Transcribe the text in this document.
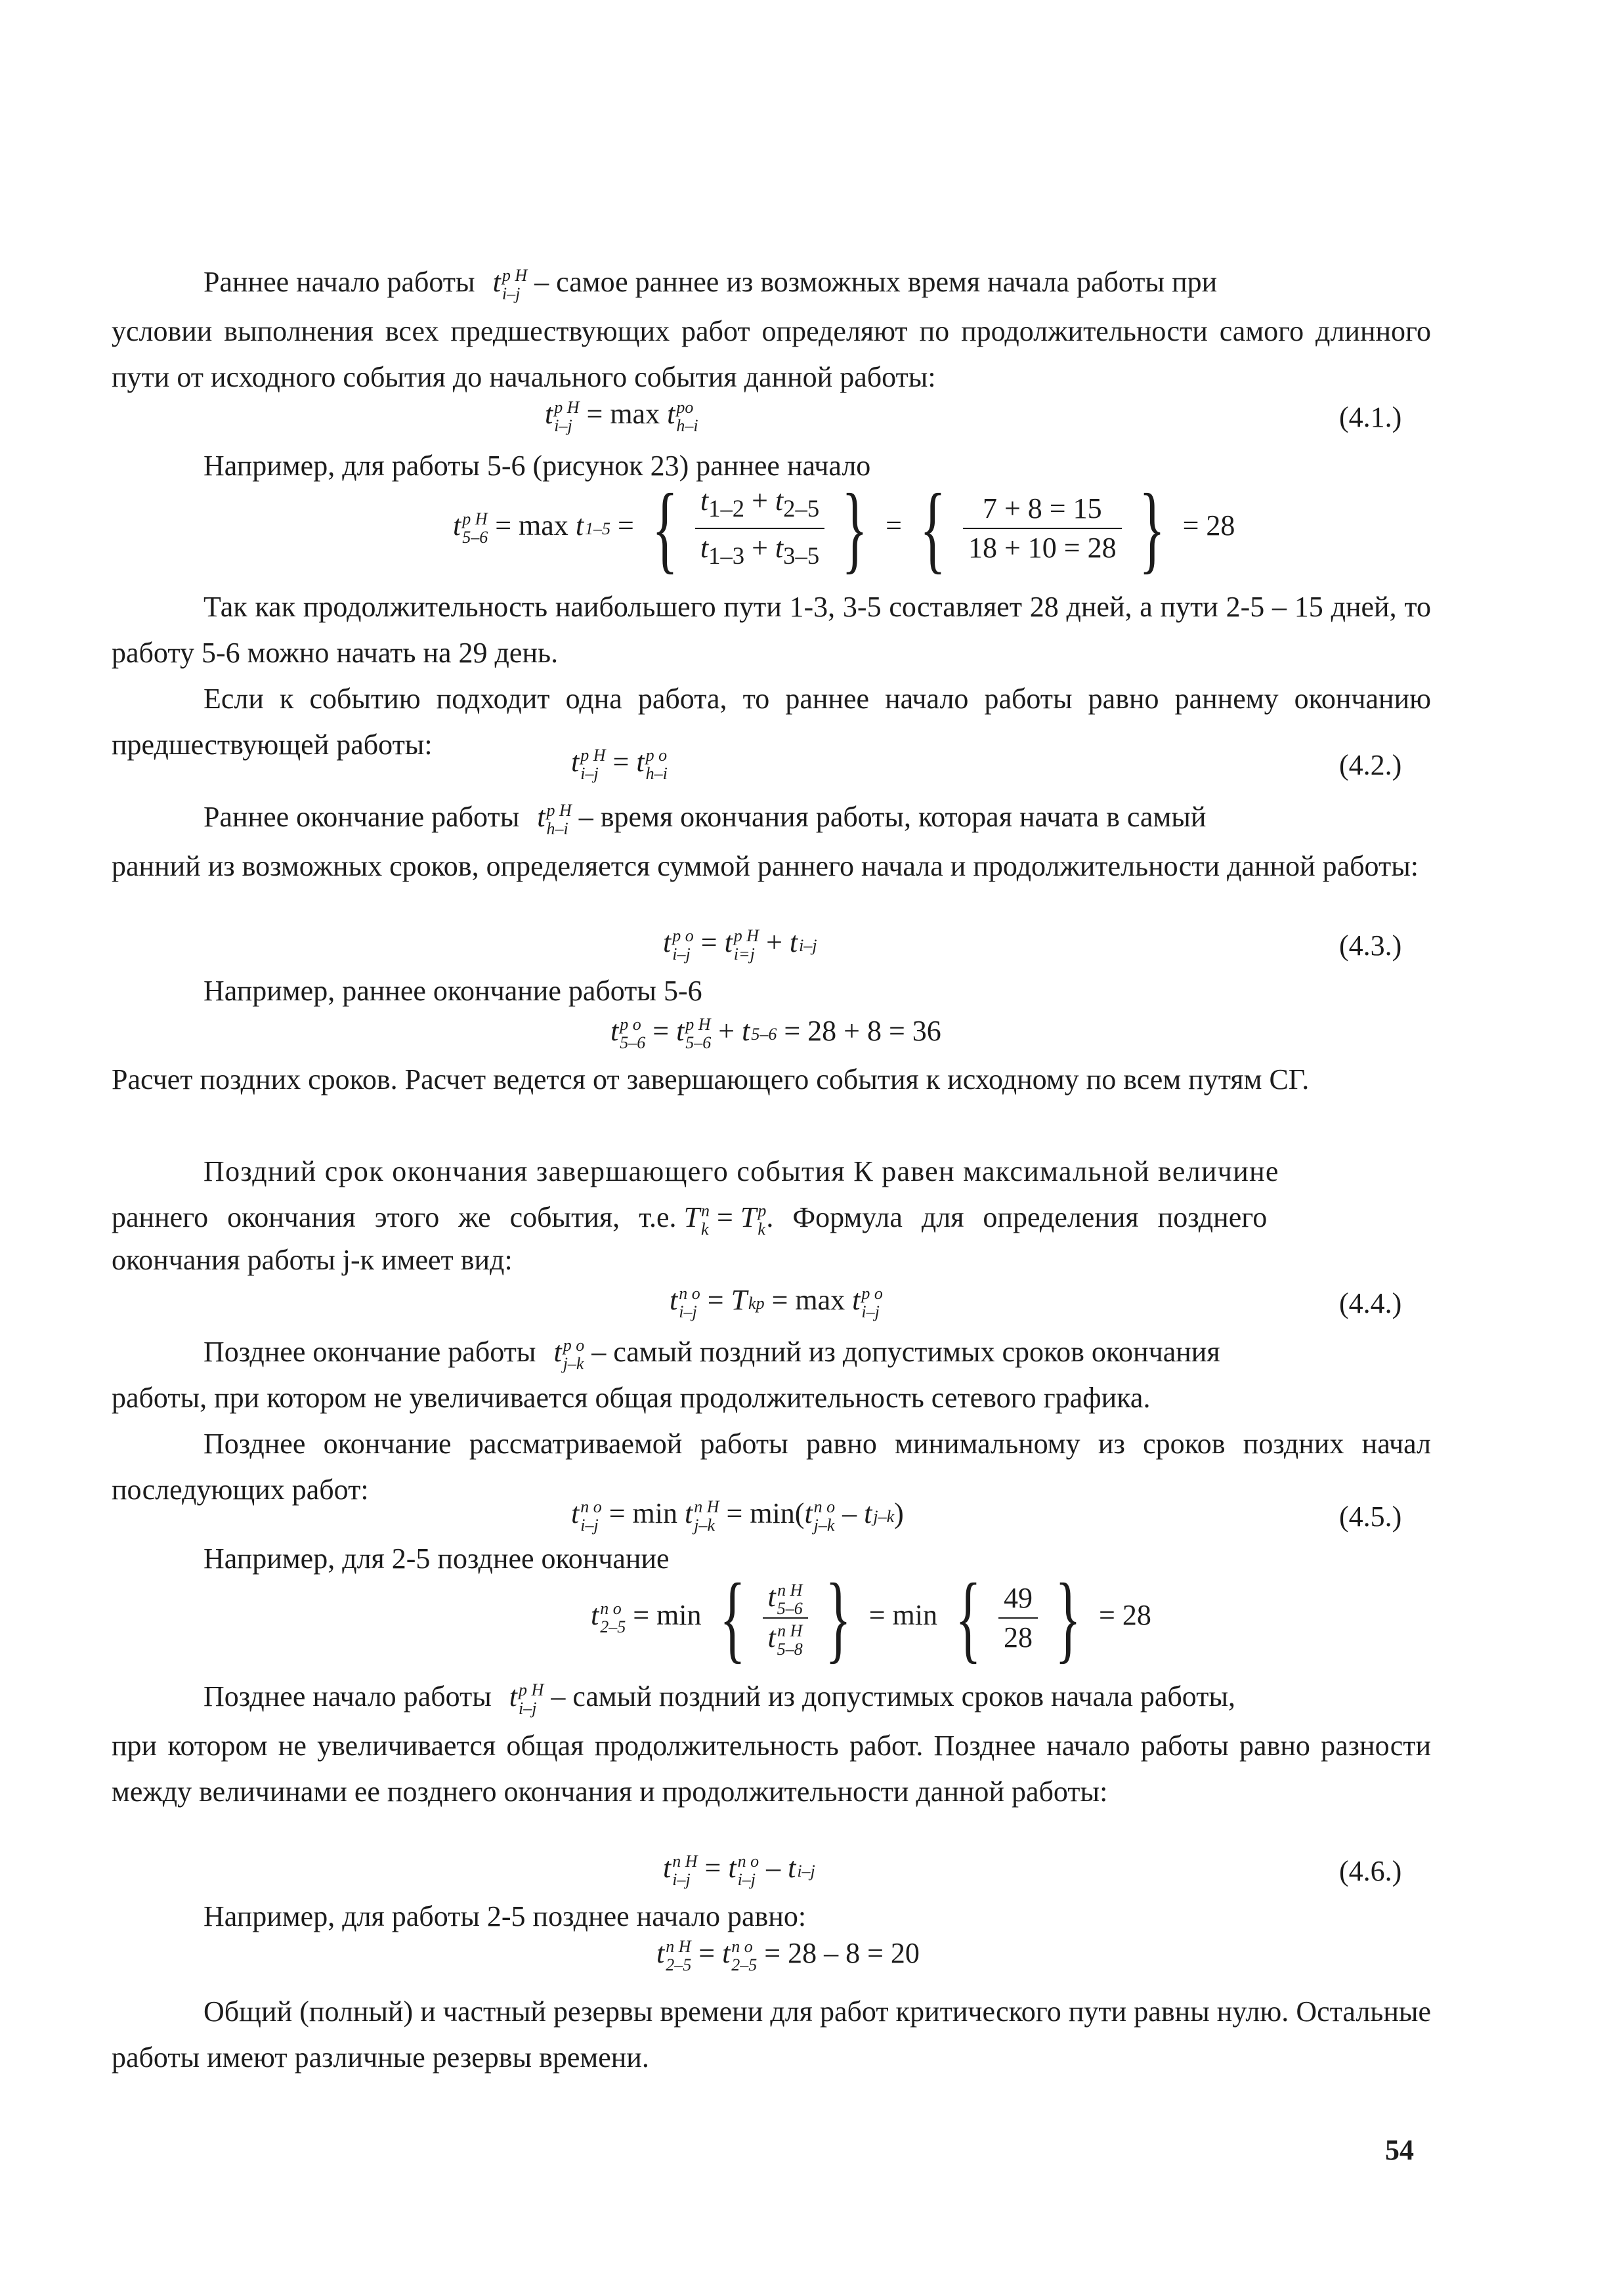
Раннее начало работы t p H
i–j – самое раннее из возможных время начала работы при
условии выполнения всех предшествующих работ определяют по продолжительности самого длинного пути от исходного события до начального события данной работы:
t p H
i–j = max t po
h–i	(4.1.)
Например, для работы 5-6 (рисунок 23) раннее начало
t p H
5–6 = max t 1–5 = { $\frac{t_{1-2} + t_{2-5}}{t_{1-3} + t_{3-5}}$ } = { $\frac{7 + 8 = 15}{18 + 10 = 28}$ } = 28
Так как продолжительность наибольшего пути 1-3, 3-5 составляет 28 дней, а пути 2-5 – 15 дней, то работу 5-6 можно начать на 29 день.
Если к событию подходит одна работа, то раннее начало работы равно раннему окончанию предшествующей работы:
t p H
i–j = t p o
h–i	(4.2.)
Раннее окончание работы t p H
h–i – время окончания работы, которая начата в самый
ранний из возможных сроков, определяется суммой раннего начала и продолжительности данной работы:
t p o
i–j = t p H
i=j + t i–j	(4.3.)
Например, раннее окончание работы 5-6
t p o
5–6 = t p H
5–6 + t 5–6 = 28 + 8 = 36
Расчет поздних сроков. Расчет ведется от завершающего события к исходному по всем путям СГ.
Поздний срок окончания завершающего события К равен максимальной величине
раннего окончания этого же события, т.е. T n
k = T p
k . Формула для определения позднего
окончания работы j-к имеет вид:
t n o
i–j = T kp = max t p o
i–j	(4.4.)
Позднее окончание работы t p o
j–k – самый поздний из допустимых сроков окончания
работы, при котором не увеличивается общая продолжительность сетевого графика.
Позднее окончание рассматриваемой работы равно минимальному из сроков поздних начал последующих работ:
t n o
i–j = min t n H
j–k = min(t n o
j–k – t j–k )	(4.5.)
Например, для 2-5 позднее окончание
t n o
2–5 = min { t n H
5–6
t n H
5–8 } = min { $\frac{49}{28}$ } = 28
Позднее начало работы t p H
i–j – самый поздний из допустимых сроков начала работы,
при котором не увеличивается общая продолжительность работ. Позднее начало работы равно разности между величинами ее позднего окончания и продолжительности данной работы:
t n H
i–j = t n o
i–j – t i–j	(4.6.)
Например, для работы 2-5 позднее начало равно:
t n H
2–5 = t n o
2–5 = 28 – 8 = 20
Общий (полный) и частный резервы времени для работ критического пути равны нулю. Остальные работы имеют различные резервы времени.
54
